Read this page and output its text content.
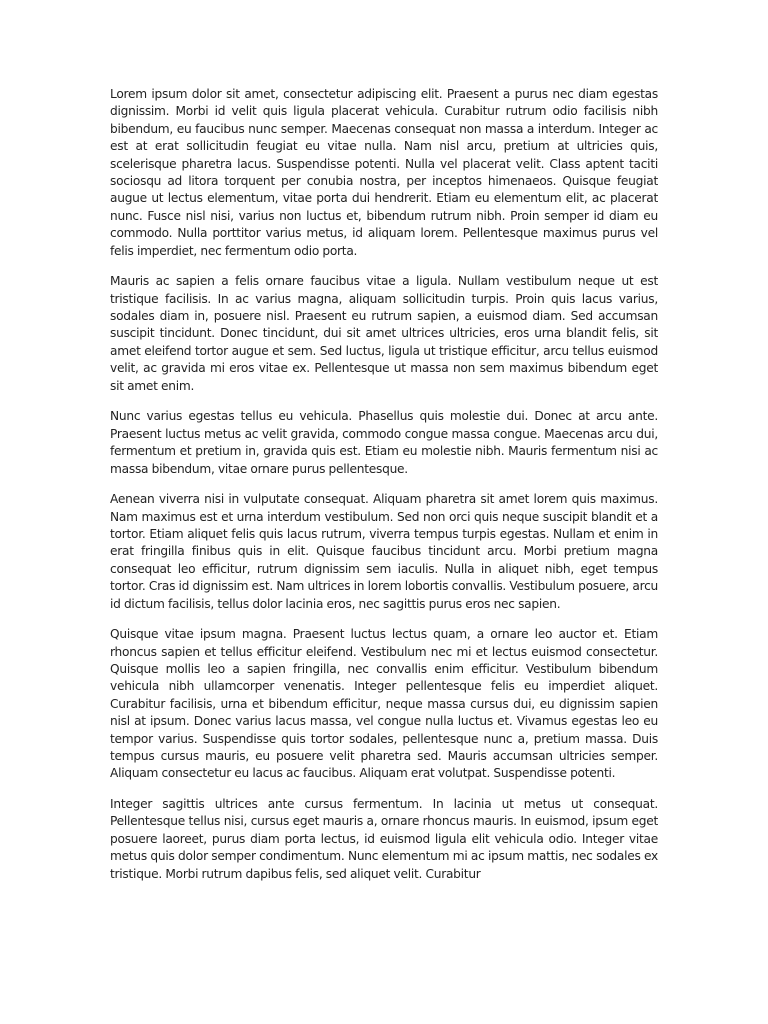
Lorem ipsum dolor sit amet, consectetur adipiscing elit. Praesent a purus nec diam egestas dignissim. Morbi id velit quis ligula placerat vehicula. Curabitur rutrum odio facilisis nibh bibendum, eu faucibus nunc semper. Maecenas consequat non massa a interdum. Integer ac est at erat sollicitudin feugiat eu vitae nulla. Nam nisl arcu, pretium at ultricies quis, scelerisque pharetra lacus. Suspendisse potenti. Nulla vel placerat velit. Class aptent taciti sociosqu ad litora torquent per conubia nostra, per inceptos himenaeos. Quisque feugiat augue ut lectus elementum, vitae porta dui hendrerit. Etiam eu elementum elit, ac placerat nunc. Fusce nisl nisi, varius non luctus et, bibendum rutrum nibh. Proin semper id diam eu commodo. Nulla porttitor varius metus, id aliquam lorem. Pellentesque maximus purus vel felis imperdiet, nec fermentum odio porta.

Mauris ac sapien a felis ornare faucibus vitae a ligula. Nullam vestibulum neque ut est tristique facilisis. In ac varius magna, aliquam sollicitudin turpis. Proin quis lacus varius, sodales diam in, posuere nisl. Praesent eu rutrum sapien, a euismod diam. Sed accumsan suscipit tincidunt. Donec tincidunt, dui sit amet ultrices ultricies, eros urna blandit felis, sit amet eleifend tortor augue et sem. Sed luctus, ligula ut tristique efficitur, arcu tellus euismod velit, ac gravida mi eros vitae ex. Pellentesque ut massa non sem maximus bibendum eget sit amet enim.

Nunc varius egestas tellus eu vehicula. Phasellus quis molestie dui. Donec at arcu ante. Praesent luctus metus ac velit gravida, commodo congue massa congue. Maecenas arcu dui, fermentum et pretium in, gravida quis est. Etiam eu molestie nibh. Mauris fermentum nisi ac massa bibendum, vitae ornare purus pellentesque.

Aenean viverra nisi in vulputate consequat. Aliquam pharetra sit amet lorem quis maximus. Nam maximus est et urna interdum vestibulum. Sed non orci quis neque suscipit blandit et a tortor. Etiam aliquet felis quis lacus rutrum, viverra tempus turpis egestas. Nullam et enim in erat fringilla finibus quis in elit. Quisque faucibus tincidunt arcu. Morbi pretium magna consequat leo efficitur, rutrum dignissim sem iaculis. Nulla in aliquet nibh, eget tempus tortor. Cras id dignissim est. Nam ultrices in lorem lobortis convallis. Vestibulum posuere, arcu id dictum facilisis, tellus dolor lacinia eros, nec sagittis purus eros nec sapien.

Quisque vitae ipsum magna. Praesent luctus lectus quam, a ornare leo auctor et. Etiam rhoncus sapien et tellus efficitur eleifend. Vestibulum nec mi et lectus euismod consectetur. Quisque mollis leo a sapien fringilla, nec convallis enim efficitur. Vestibulum bibendum vehicula nibh ullamcorper venenatis. Integer pellentesque felis eu imperdiet aliquet. Curabitur facilisis, urna et bibendum efficitur, neque massa cursus dui, eu dignissim sapien nisl at ipsum. Donec varius lacus massa, vel congue nulla luctus et. Vivamus egestas leo eu tempor varius. Suspendisse quis tortor sodales, pellentesque nunc a, pretium massa. Duis tempus cursus mauris, eu posuere velit pharetra sed. Mauris accumsan ultricies semper. Aliquam consectetur eu lacus ac faucibus. Aliquam erat volutpat. Suspendisse potenti.

Integer sagittis ultrices ante cursus fermentum. In lacinia ut metus ut consequat. Pellentesque tellus nisi, cursus eget mauris a, ornare rhoncus mauris. In euismod, ipsum eget posuere laoreet, purus diam porta lectus, id euismod ligula elit vehicula odio. Integer vitae metus quis dolor semper condimentum. Nunc elementum mi ac ipsum mattis, nec sodales ex tristique. Morbi rutrum dapibus felis, sed aliquet velit. Curabitur
